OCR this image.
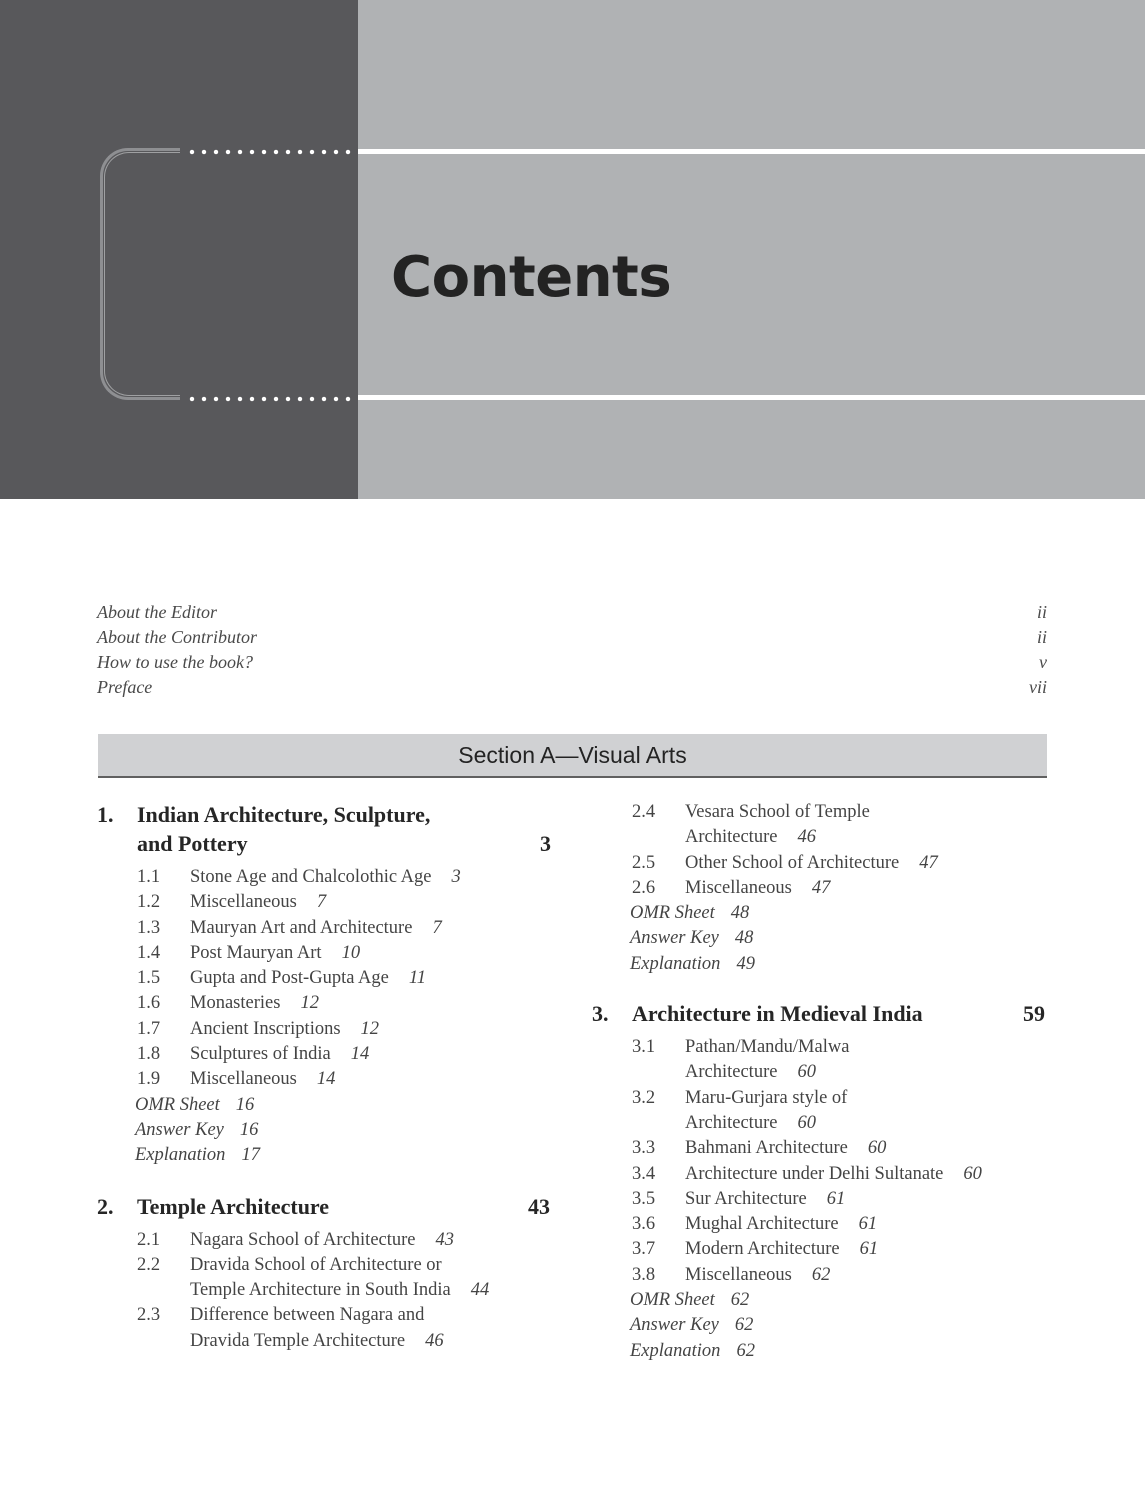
Contents
About the Editor	ii
About the Contributor	ii
How to use the book?	v
Preface	vii
Section A—Visual Arts
1. Indian Architecture, Sculpture,
and Pottery	3
1.1 Stone Age and Chalcolothic Age 3
1.2 Miscellaneous 7
1.3 Mauryan Art and Architecture 7
1.4 Post Mauryan Art 10
1.5 Gupta and Post-Gupta Age 11
1.6 Monasteries 12
1.7 Ancient Inscriptions 12
1.8 Sculptures of India 14
1.9 Miscellaneous 14
OMR Sheet 16
Answer Key 16
Explanation 17
2. Temple Architecture	43
2.1 Nagara School of Architecture 43
2.2 Dravida School of Architecture or
Temple Architecture in South India 44
2.3 Difference between Nagara and
Dravida Temple Architecture 46
2.4 Vesara School of Temple
Architecture 46
2.5 Other School of Architecture 47
2.6 Miscellaneous 47
OMR Sheet 48
Answer Key 48
Explanation 49
3. Architecture in Medieval India	59
3.1 Pathan/Mandu/Malwa
Architecture 60
3.2 Maru-Gurjara style of
Architecture 60
3.3 Bahmani Architecture 60
3.4 Architecture under Delhi Sultanate 60
3.5 Sur Architecture 61
3.6 Mughal Architecture 61
3.7 Modern Architecture 61
3.8 Miscellaneous 62
OMR Sheet 62
Answer Key 62
Explanation 62
